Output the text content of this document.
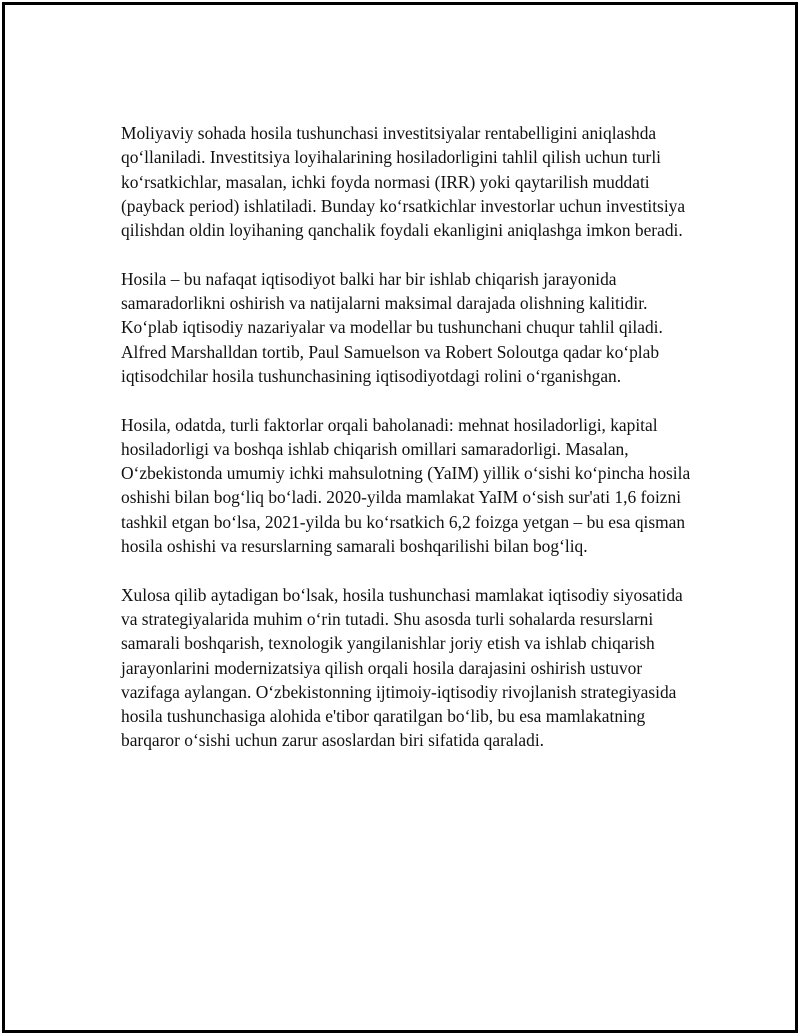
Moliyaviy sohada hosila tushunchasi investitsiyalar rentabelligini aniqlashda qo‘llaniladi. Investitsiya loyihalarining hosiladorligini tahlil qilish uchun turli ko‘rsatkichlar, masalan, ichki foyda normasi (IRR) yoki qaytarilish muddati (payback period) ishlatiladi. Bunday ko‘rsatkichlar investorlar uchun investitsiya qilishdan oldin loyihaning qanchalik foydali ekanligini aniqlashga imkon beradi.

Hosila – bu nafaqat iqtisodiyot balki har bir ishlab chiqarish jarayonida samaradorlikni oshirish va natijalarni maksimal darajada olishning kalitidir. Ko‘plab iqtisodiy nazariyalar va modellar bu tushunchani chuqur tahlil qiladi. Alfred Marshalldan tortib, Paul Samuelson va Robert Soloutga qadar ko‘plab iqtisodchilar hosila tushunchasining iqtisodiyotdagi rolini o‘rganishgan.

Hosila, odatda, turli faktorlar orqali baholanadi: mehnat hosiladorligi, kapital hosiladorligi va boshqa ishlab chiqarish omillari samaradorligi. Masalan, O‘zbekistonda umumiy ichki mahsulotning (YaIM) yillik o‘sishi ko‘pincha hosila oshishi bilan bog‘liq bo‘ladi. 2020-yilda mamlakat YaIM o‘sish sur'ati 1,6 foizni tashkil etgan bo‘lsa, 2021-yilda bu ko‘rsatkich 6,2 foizga yetgan – bu esa qisman hosila oshishi va resurslarning samarali boshqarilishi bilan bog‘liq.

Xulosa qilib aytadigan bo‘lsak, hosila tushunchasi mamlakat iqtisodiy siyosatida va strategiyalarida muhim o‘rin tutadi. Shu asosda turli sohalarda resurslarni samarali boshqarish, texnologik yangilanishlar joriy etish va ishlab chiqarish jarayonlarini modernizatsiya qilish orqali hosila darajasini oshirish ustuvor vazifaga aylangan. O‘zbekistonning ijtimoiy-iqtisodiy rivojlanish strategiyasida hosila tushunchasiga alohida e'tibor qaratilgan bo‘lib, bu esa mamlakatning barqaror o‘sishi uchun zarur asoslardan biri sifatida qaraladi.
